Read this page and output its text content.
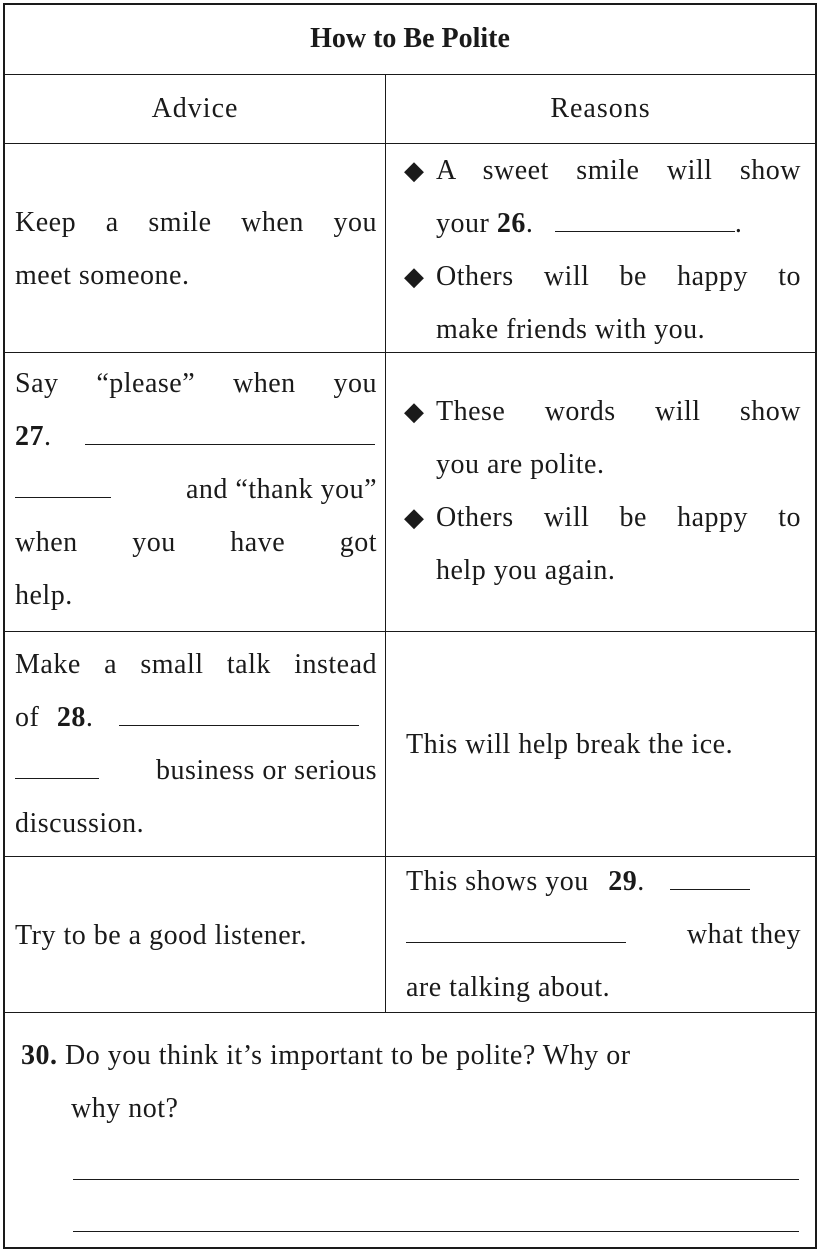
How to Be Polite
Advice	Reasons
Keep a smile when you
meet someone.
◆ A sweet smile will show
your 26.	.
◆ Others will be happy to
make friends with you.
Say “please” when you
27.
and “thank you”
when you have got
help.
◆ These words will show
you are polite.
◆ Others will be happy to
help you again.
Make a small talk instead
of 28.
business or serious
discussion.
This will help break the ice.
Try to be a good listener.
This shows you 29.
what they
are talking about.
30. Do you think it’s important to be polite? Why or
why not?
